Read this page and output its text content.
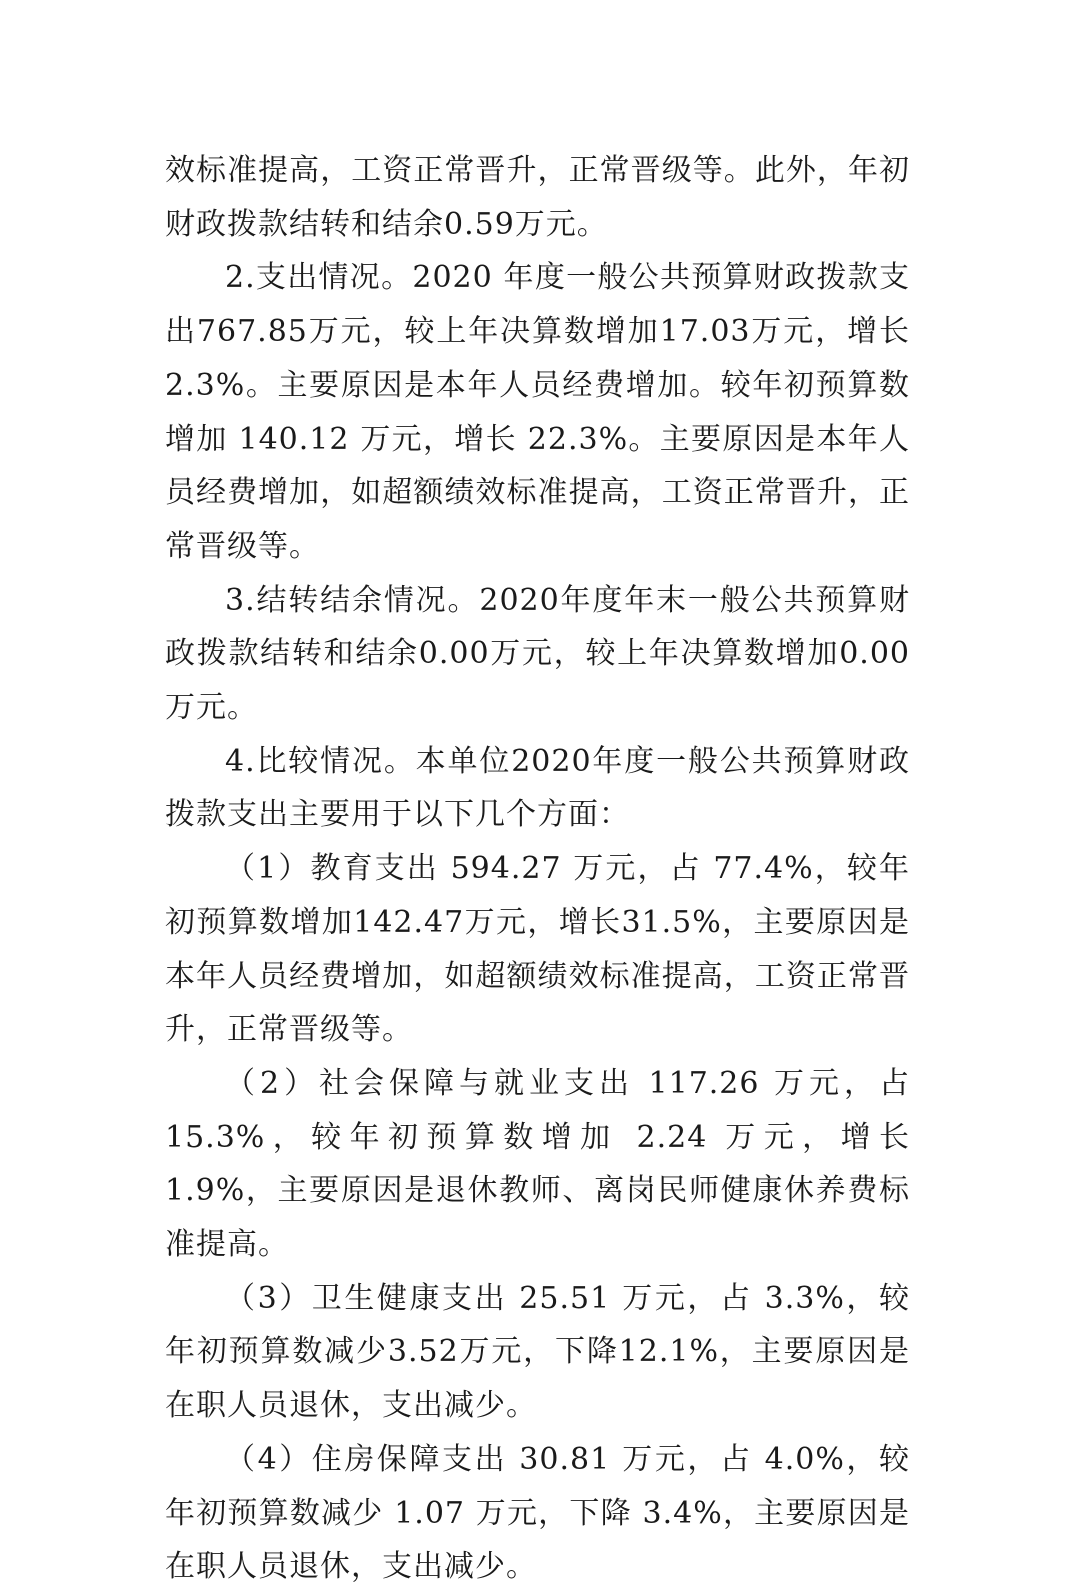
效标准提高，工资正常晋升，正常晋级等。此外，年初财政拨款结转和结余0.59万元。

2.支出情况。2020 年度一般公共预算财政拨款支出767.85万元，较上年决算数增加17.03万元，增长2.3%。主要原因是本年人员经费增加。较年初预算数增加 140.12 万元，增长 22.3%。主要原因是本年人员经费增加，如超额绩效标准提高，工资正常晋升，正常晋级等。

3.结转结余情况。2020年度年末一般公共预算财政拨款结转和结余0.00万元，较上年决算数增加0.00万元。

4.比较情况。本单位2020年度一般公共预算财政拨款支出主要用于以下几个方面：

（1）教育支出 594.27 万元，占 77.4%，较年初预算数增加142.47万元，增长31.5%，主要原因是本年人员经费增加，如超额绩效标准提高，工资正常晋升，正常晋级等。

（2）社会保障与就业支出 117.26 万元，占 15.3%，较年初预算数增加 2.24 万元，增长 1.9%，主要原因是退休教师、离岗民师健康休养费标准提高。

（3）卫生健康支出 25.51 万元，占 3.3%，较年初预算数减少3.52万元，下降12.1%，主要原因是在职人员退休，支出减少。

（4）住房保障支出 30.81 万元，占 4.0%，较年初预算数减少 1.07 万元，下降 3.4%，主要原因是在职人员退休，支出减少。
